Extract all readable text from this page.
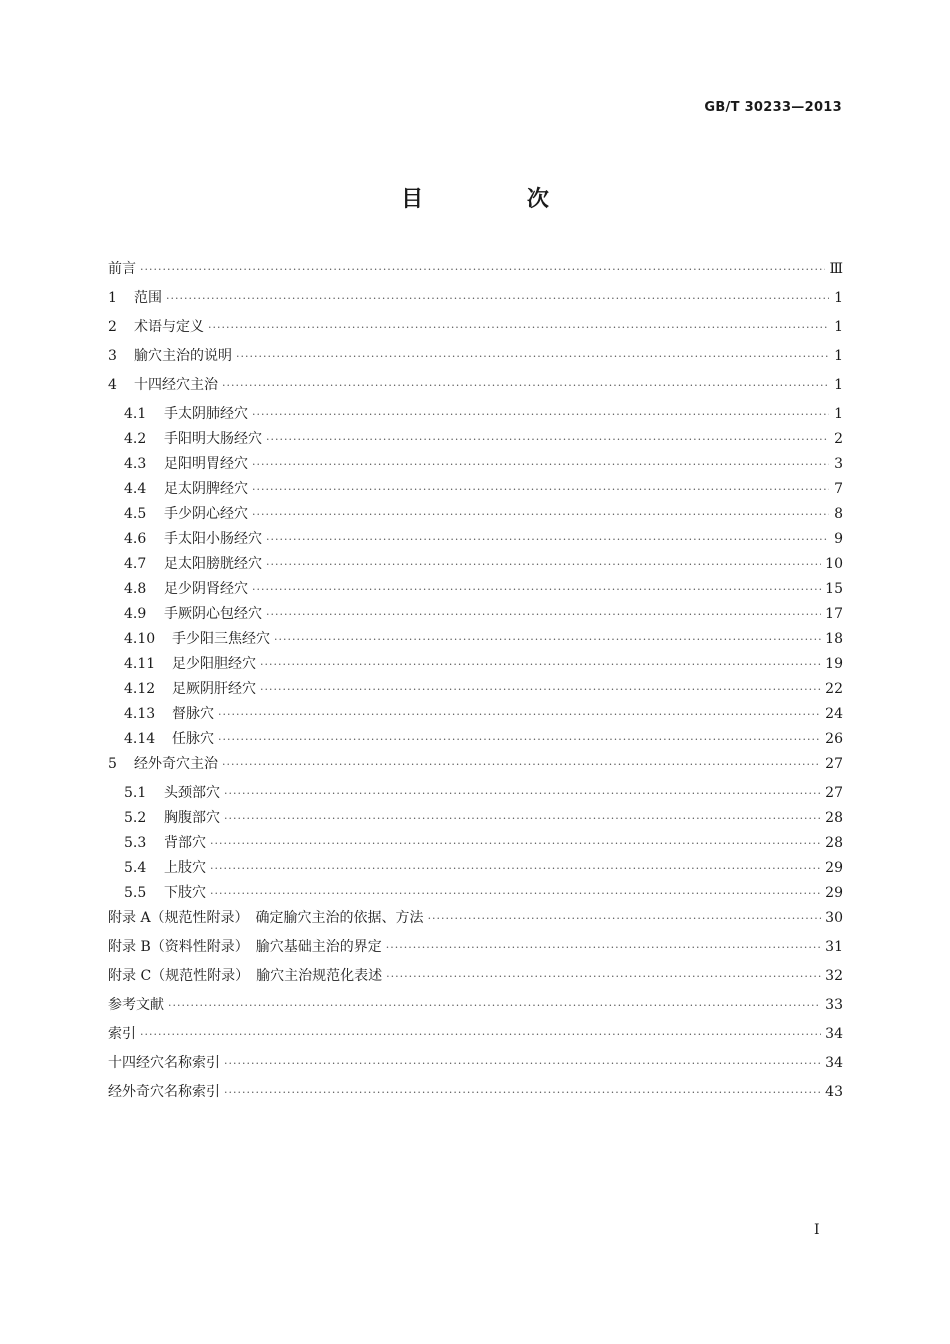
GB/T 30233—2013
目 次
前言 ·····	Ⅲ
1	范围 ·····	1
2	术语与定义 ·····	1
3	腧穴主治的说明 ·····	1
4	十四经穴主治 ·····	1
4.1	手太阴肺经穴 ·····	1
4.2	手阳明大肠经穴 ·····	2
4.3	足阳明胃经穴 ·····	3
4.4	足太阴脾经穴 ·····	7
4.5	手少阴心经穴 ·····	8
4.6	手太阳小肠经穴 ·····	9
4.7	足太阳膀胱经穴 ·····	10
4.8	足少阴肾经穴 ·····	15
4.9	手厥阴心包经穴 ·····	17
4.10	手少阳三焦经穴 ·····	18
4.11	足少阳胆经穴 ·····	19
4.12	足厥阴肝经穴 ·····	22
4.13	督脉穴 ·····	24
4.14	任脉穴 ·····	26
5	经外奇穴主治 ·····	27
5.1	头颈部穴 ·····	27
5.2	胸腹部穴 ·····	28
5.3	背部穴 ·····	28
5.4	上肢穴 ·····	29
5.5	下肢穴 ·····	29
附录 A（规范性附录）　确定腧穴主治的依据、方法 ·····	30
附录 B（资料性附录）　腧穴基础主治的界定 ·····	31
附录 C（规范性附录）　腧穴主治规范化表述 ·····	32
参考文献 ·····	33
索引 ·····	34
十四经穴名称索引 ·····	34
经外奇穴名称索引 ·····	43
I
